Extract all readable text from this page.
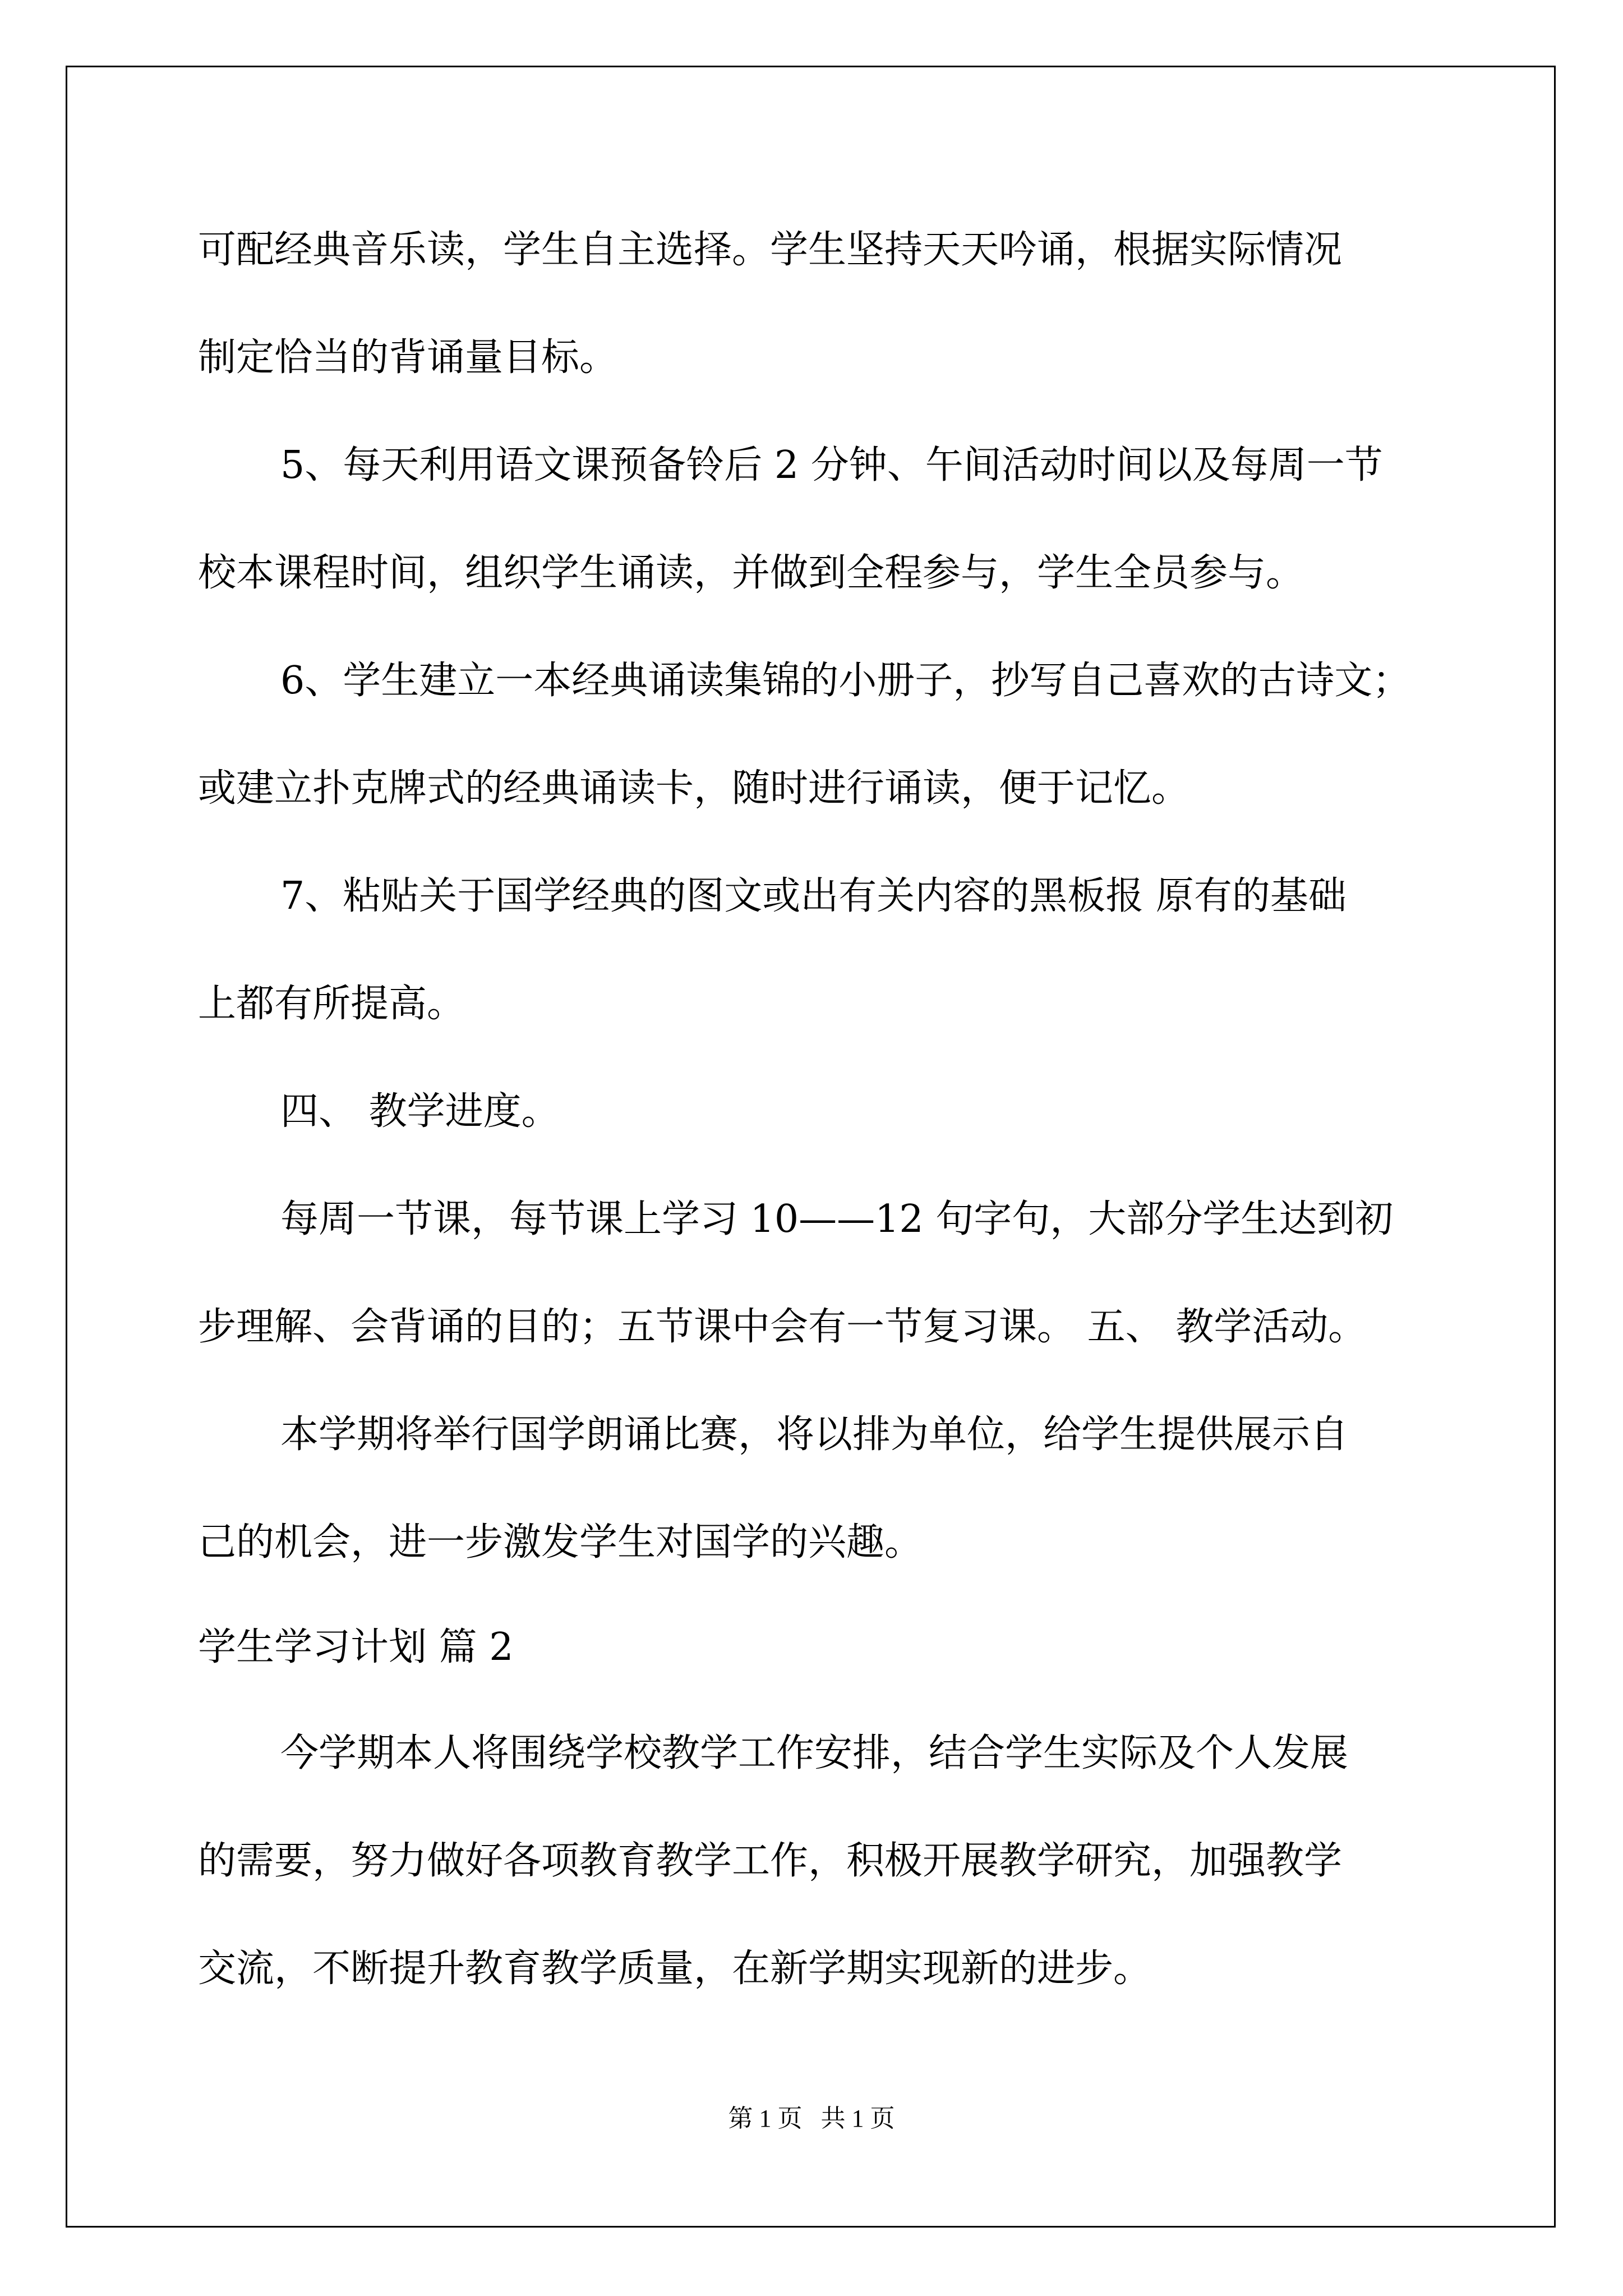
可配经典音乐读，学生自主选择。学生坚持天天吟诵，根据实际情况
制定恰当的背诵量目标。
5、每天利用语文课预备铃后 2 分钟、午间活动时间以及每周一节
校本课程时间，组织学生诵读，并做到全程参与，学生全员参与。
6、学生建立一本经典诵读集锦的小册子，抄写自己喜欢的古诗文；
或建立扑克牌式的经典诵读卡，随时进行诵读，便于记忆。
7、粘贴关于国学经典的图文或出有关内容的黑板报 原有的基础
上都有所提高。
四、 教学进度。
每周一节课，每节课上学习 10——12 句字句，大部分学生达到初
步理解、会背诵的目的；五节课中会有一节复习课。 五、 教学活动。
本学期将举行国学朗诵比赛，将以排为单位，给学生提供展示自
己的机会，进一步激发学生对国学的兴趣。
学生学习计划 篇 2
今学期本人将围绕学校教学工作安排，结合学生实际及个人发展
的需要，努力做好各项教育教学工作，积极开展教学研究，加强教学
交流，不断提升教育教学质量，在新学期实现新的进步。
第 1 页   共 1 页
